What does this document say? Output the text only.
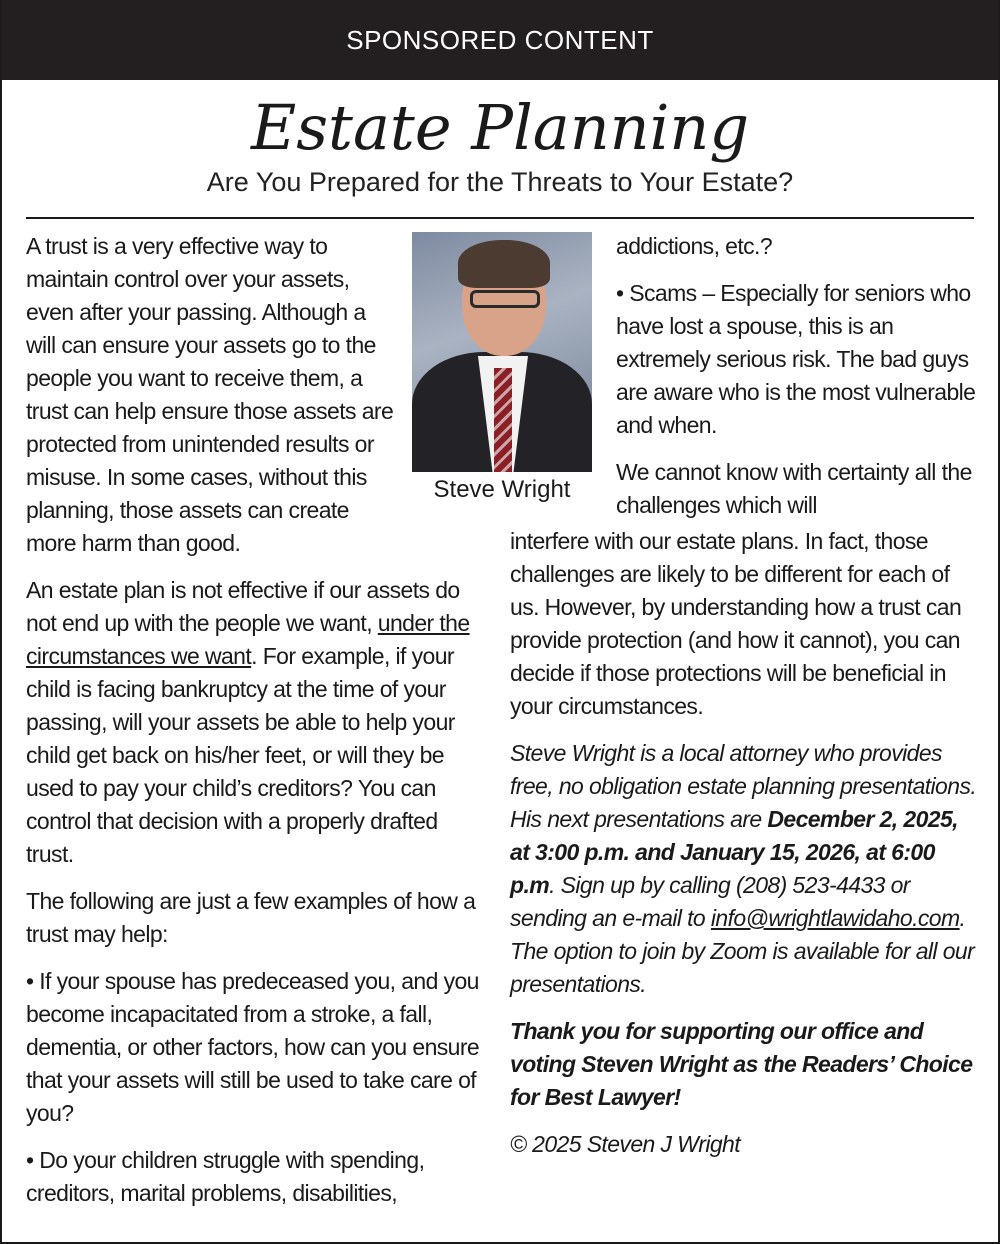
SPONSORED CONTENT
Estate Planning
Are You Prepared for the Threats to Your Estate?

A trust is a very effective way to maintain control over your assets, even after your passing. Although a will can ensure your assets go to the people you want to receive them, a trust can help ensure those assets are protected from unintended results or misuse. In some cases, without this planning, those assets can create more harm than good.

An estate plan is not effective if our assets do not end up with the people we want, under the circumstances we want. For example, if your child is facing bankruptcy at the time of your passing, will your assets be able to help your child get back on his/her feet, or will they be used to pay your child’s creditors? You can control that decision with a properly drafted trust.

The following are just a few examples of how a trust may help:

• If your spouse has predeceased you, and you become incapacitated from a stroke, a fall, dementia, or other factors, how can you ensure that your assets will still be used to take care of you?

• Do your children struggle with spending, creditors, marital problems, disabilities,

Steve Wright

addictions, etc.?

• Scams – Especially for seniors who have lost a spouse, this is an extremely serious risk. The bad guys are aware who is the most vulnerable and when.

We cannot know with certainty all the challenges which will

interfere with our estate plans. In fact, those challenges are likely to be different for each of us. However, by understanding how a trust can provide protection (and how it cannot), you can decide if those protections will be beneficial in your circumstances.

Steve Wright is a local attorney who provides free, no obligation estate planning presentations. His next presentations are December 2, 2025, at 3:00 p.m. and January 15, 2026, at 6:00 p.m. Sign up by calling (208) 523-4433 or sending an e-mail to info@wrightlawidaho.com. The option to join by Zoom is available for all our presentations.

Thank you for supporting our office and voting Steven Wright as the Readers’ Choice for Best Lawyer!

© 2025 Steven J Wright
